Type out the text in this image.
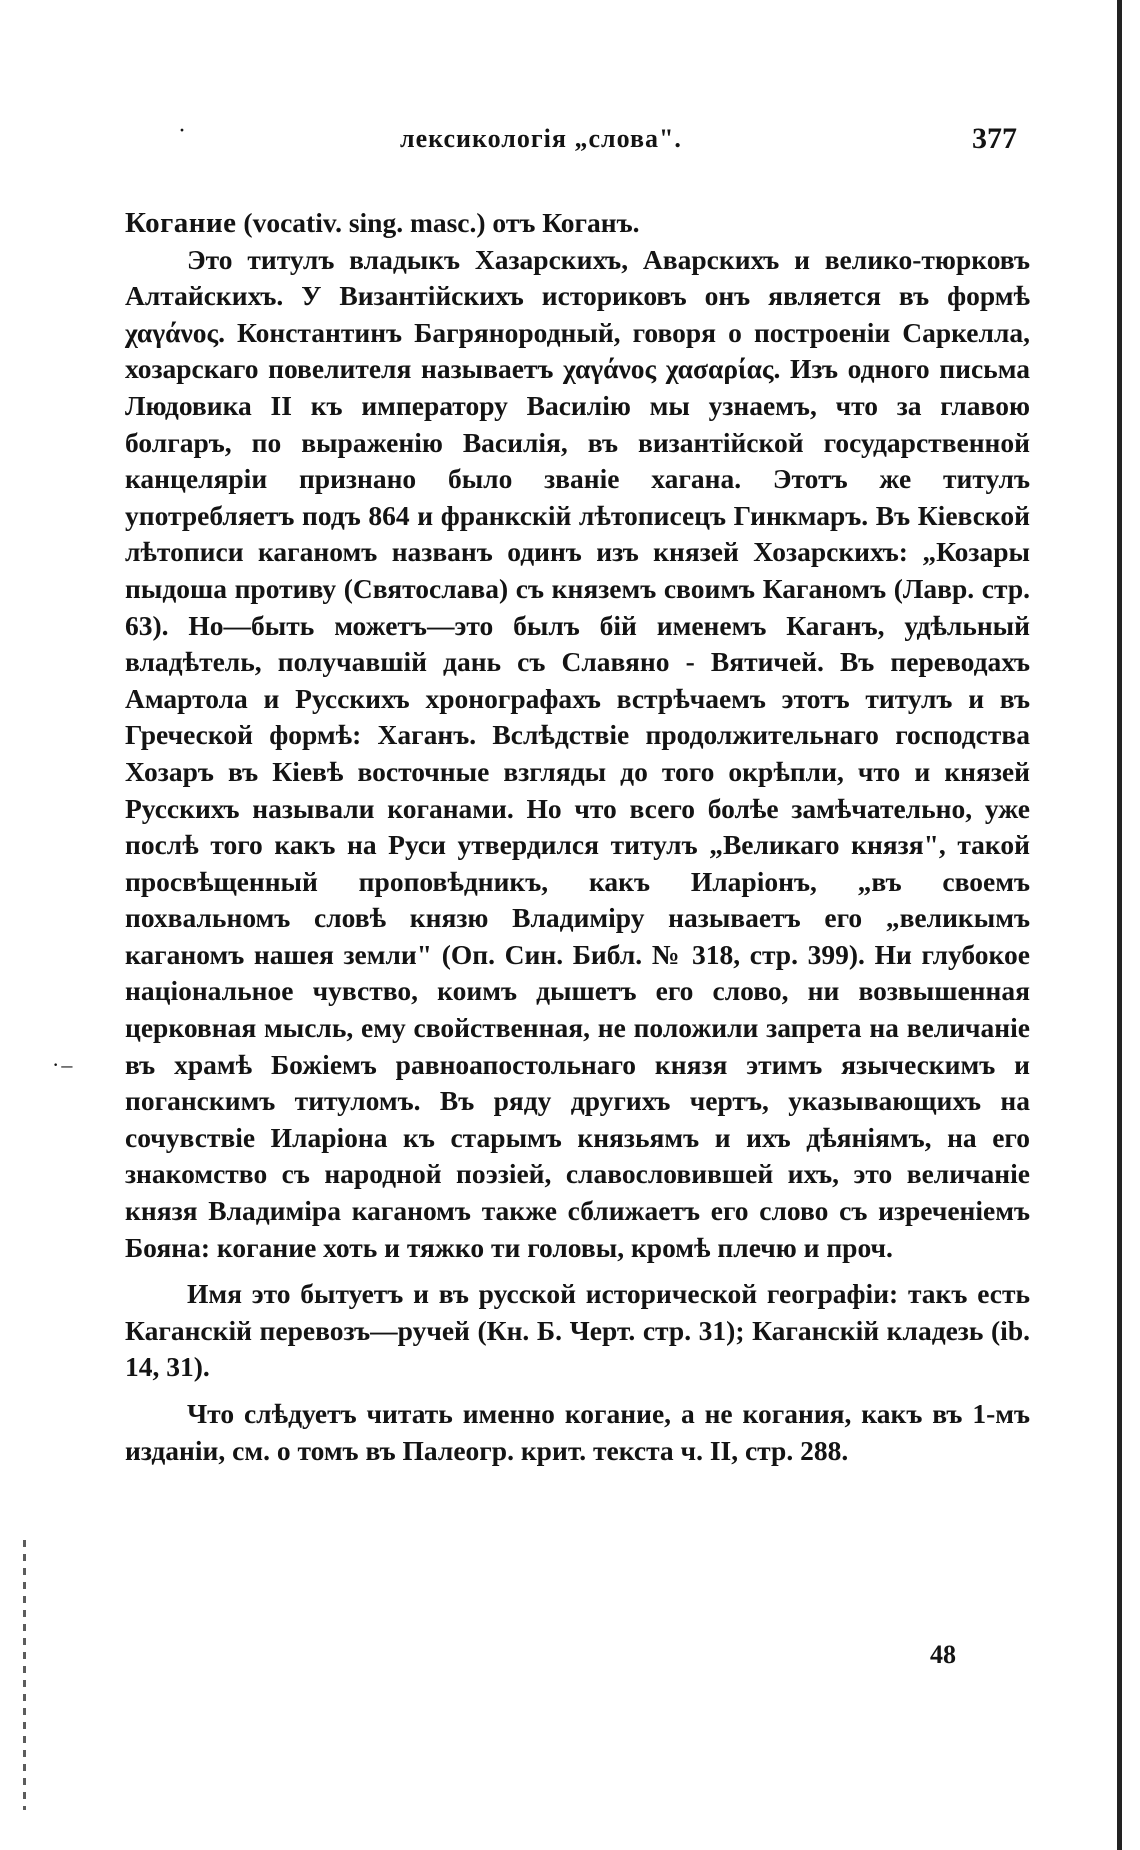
·–
·	лексикологія „слова".	377

Когание (vocativ. sing. masc.) отъ Коганъ.

Это титулъ владыкъ Хазарскихъ, Аварскихъ и велико-тюрковъ Алтайскихъ. У Византійскихъ историковъ онъ является въ формѣ χαγάνος. Константинъ Багрянородный, говоря о построеніи Саркелла, хозарскаго повелителя называетъ χαγάνος χασαρίας. Изъ одного письма Людовика II къ императору Василію мы узнаемъ, что за главою болгаръ, по выраженію Василія, въ византійской государственной канцеляріи признано было званіе хагана. Этотъ же титулъ употребляетъ подъ 864 и франкскій лѣтописецъ Гинкмаръ. Въ Кіевской лѣтописи каганомъ названъ одинъ изъ князей Хозарскихъ: „Козары пыдоша противу (Святослава) съ княземъ своимъ Каганомъ (Лавр. стр. 63). Но—быть можетъ—это былъ бій именемъ Каганъ, удѣльный владѣтель, получавшій дань съ Славяно - Вятичей. Въ переводахъ Амартола и Русскихъ хронографахъ встрѣчаемъ этотъ титулъ и въ Греческой формѣ: Хаганъ. Вслѣдствіе продолжительнаго господства Хозаръ въ Кіевѣ восточные взгляды до того окрѣпли, что и князей Русскихъ называли коганами. Но что всего болѣе замѣчательно, уже послѣ того какъ на Руси утвердился титулъ „Великаго князя", такой просвѣщенный проповѣдникъ, какъ Иларіонъ, „въ своемъ похвальномъ словѣ князю Владиміру называетъ его „великымъ каганомъ нашея земли" (Оп. Син. Библ. № 318, стр. 399). Ни глубокое національное чувство, коимъ дышетъ его слово, ни возвышенная церковная мысль, ему свойственная, не положили запрета на величаніе въ храмѣ Божіемъ равноапостольнаго князя этимъ языческимъ и поганскимъ титуломъ. Въ ряду другихъ чертъ, указывающихъ на сочувствіе Иларіона къ старымъ князьямъ и ихъ дѣяніямъ, на его знакомство съ народной поэзіей, славословившей ихъ, это величаніе князя Владиміра каганомъ также сближаетъ его слово съ изреченіемъ Бояна: когание хоть и тяжко ти головы, кромѣ плечю и проч.

Имя это бытуетъ и въ русской исторической географіи: такъ есть Каганскій перевозъ—ручей (Кн. Б. Черт. стр. 31); Каганскій кладезь (ib. 14, 31).

Что слѣдуетъ читать именно когание, а не когания, какъ въ 1-мъ изданіи, см. о томъ въ Палеогр. крит. текста ч. II, стр. 288.

48
